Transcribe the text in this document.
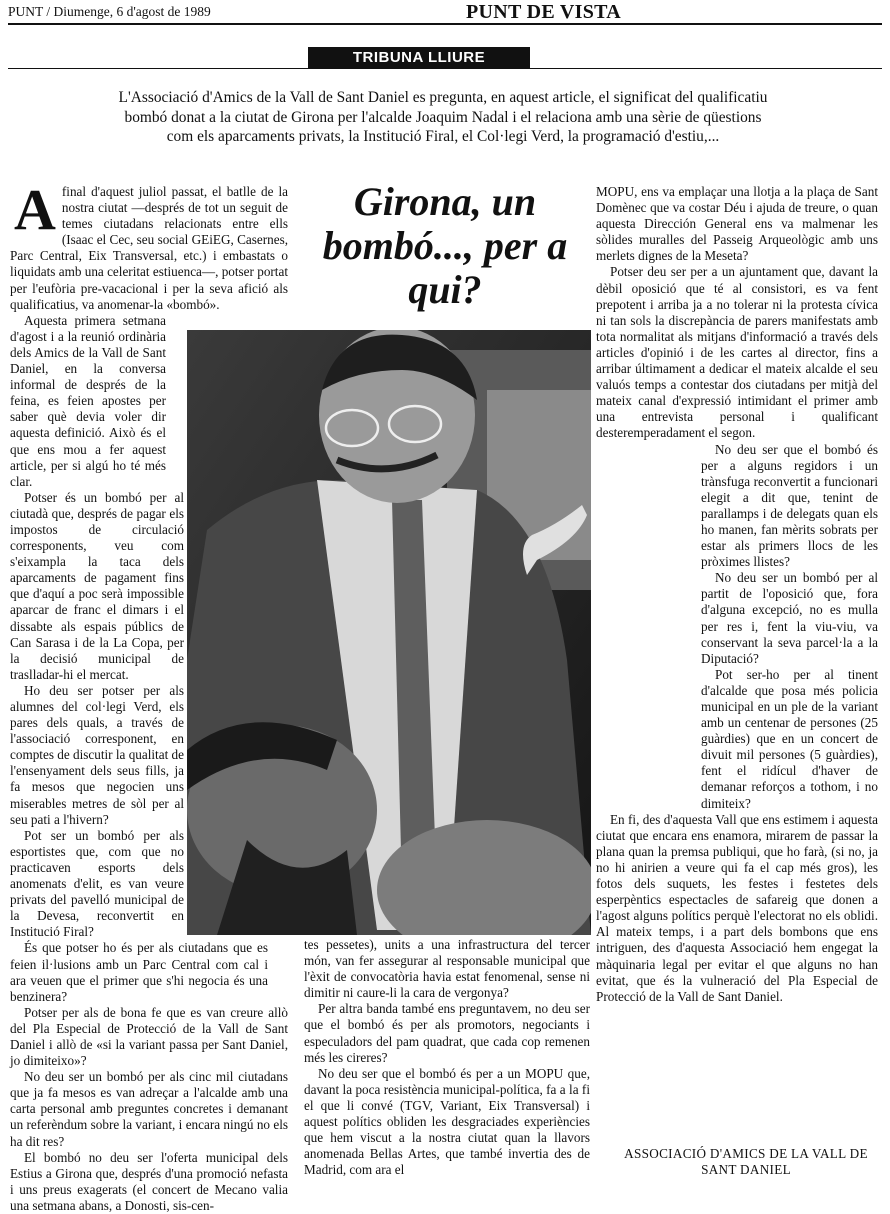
PUNT / Diumenge, 6 d'agost de 1989	PUNT DE VISTA
TRIBUNA LLIURE
L'Associació d'Amics de la Vall de Sant Daniel es pregunta, en aquest article, el significat del qualificatiu bombó donat a la ciutat de Girona per l'alcalde Joaquim Nadal i el relaciona amb una sèrie de qüestions com els aparcaments privats, la Institució Firal, el Col·legi Verd, la programació d'estiu,...

Afinal d'aquest juliol passat, el batlle de la nostra ciutat —després de tot un seguit de temes ciutadans relacionats entre ells (Isaac el Cec, seu social GEiEG, Casernes, Parc Central, Eix Transversal, etc.) i embastats o liquidats amb una celeritat estiuenca—, potser portat per l'eufòria pre-vacacional i per la seva afició als qualificatius, va anomenar-la «bombó».

Aquesta primera setmana d'agost i a la reunió ordinària dels Amics de la Vall de Sant Daniel, en la conversa informal de després de la feina, es feien apostes per saber què devia voler dir aquesta definició. Això és el que ens mou a fer aquest article, per si algú ho té més clar.

Potser és un bombó per al ciutadà que, després de pagar els impostos de circulació corresponents, veu com s'eixampla la taca dels aparcaments de pagament fins que d'aquí a poc serà impossible aparcar de franc el dimars i el dissabte als espais públics de Can Sarasa i de la La Copa, per la decisió municipal de traslladar-hi el mercat.

Ho deu ser potser per als alumnes del col·legi Verd, els pares dels quals, a través de l'associació corresponent, en comptes de discutir la qualitat de l'ensenyament dels seus fills, ja fa mesos que negocien uns miserables metres de sòl per al seu pati a l'hivern?

Pot ser un bombó per als esportistes que, com que no practicaven esports dels anomenats d'elit, es van veure privats del pavelló municipal de la Devesa, reconvertit en Institució Firal?

És que potser ho és per als ciutadans que es feien il·lusions amb un Parc Central com cal i ara veuen que el primer que s'hi negocia és una benzinera?

Potser per als de bona fe que es van creure allò del Pla Especial de Protecció de la Vall de Sant Daniel i allò de «si la variant passa per Sant Daniel, jo dimiteixo»?

No deu ser un bombó per als cinc mil ciutadans que ja fa mesos es van adreçar a l'alcalde amb una carta personal amb preguntes concretes i demanant un referèndum sobre la variant, i encara ningú no els ha dit res?

El bombó no deu ser l'oferta municipal dels Estius a Girona que, després d'una promoció nefasta i uns preus exagerats (el concert de Mecano valia una setmana abans, a Donosti, sis-cen-

Girona, un bombó..., per a qui?

MOPU, ens va emplaçar una llotja a la plaça de Sant Domènec que va costar Déu i ajuda de treure, o quan aquesta Dirección General ens va malmenar les sòlides muralles del Passeig Arqueològic amb uns merlets dignes de la Meseta?

Potser deu ser per a un ajuntament que, davant la dèbil oposició que té al consistori, es va fent prepotent i arriba ja a no tolerar ni la protesta cívica ni tan sols la discrepància de parers manifestats amb tota normalitat als mitjans d'informació a través dels articles d'opinió i de les cartes al director, fins a arribar últimament a dedicar el mateix alcalde el seu valuós temps a contestar dos ciutadans per mitjà del mateix canal d'expressió intimidant el primer amb una entrevista personal i qualificant desteremperadament el segon.

No deu ser que el bombó és per a alguns regidors i un trànsfuga reconvertit a funcionari elegit a dit que, tenint de parallamps i de delegats quan els ho manen, fan mèrits sobrats per estar als primers llocs de les pròximes llistes?

No deu ser un bombó per al partit de l'oposició que, fora d'alguna excepció, no es mulla per res i, fent la viu-viu, va conservant la seva parcel·la a la Diputació?

Pot ser-ho per al tinent d'alcalde que posa més policia municipal en un ple de la variant amb un centenar de persones (25 guàrdies) que en un concert de divuit mil persones (5 guàrdies), fent el ridícul d'haver de demanar reforços a tothom, i no dimiteix?

En fi, des d'aquesta Vall que ens estimem i aquesta ciutat que encara ens enamora, mirarem de passar la plana quan la premsa publiqui, que ho farà, (si no, ja no hi anirien a veure qui fa el cap més gros), les fotos dels suquets, les festes i festetes dels esperpèntics espectacles de safareig que donen a l'agost alguns polítics perquè l'electorat no els oblidi. Al mateix temps, i a part dels bombons que ens intriguen, des d'aquesta Associació hem engegat la màquinaria legal per evitar el que alguns no han evitat, que és la vulneració del Pla Especial de Protecció de la Vall de Sant Daniel.

tes pessetes), units a una infrastructura del tercer món, van fer assegurar al responsable municipal que l'èxit de convocatòria havia estat fenomenal, sense ni dimitir ni caure-li la cara de vergonya?

Per altra banda també ens preguntavem, no deu ser que el bombó és per als promotors, negociants i especuladors del pam quadrat, que cada cop remenen més les cireres?

No deu ser que el bombó és per a un MOPU que, davant la poca resistència municipal-política, fa a la fi el que li convé (TGV, Variant, Eix Transversal) i aquest polítics obliden les desgraciades experiències que hem viscut a la nostra ciutat quan la llavors anomenada Bellas Artes, que també invertia des de Madrid, com ara el

ASSOCIACIÓ D'AMICS DE LA VALL DE SANT DANIEL
